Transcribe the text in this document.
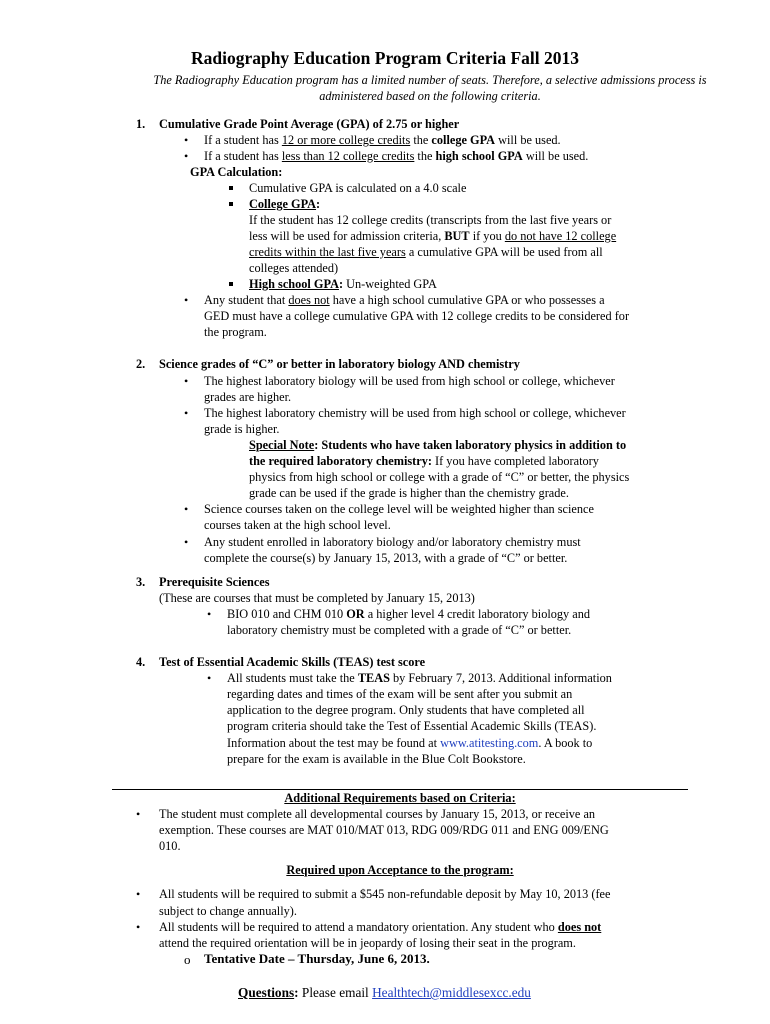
Radiography Education Program Criteria Fall 2013
The Radiography Education program has a limited number of seats. Therefore, a selective admissions process is administered based on the following criteria.
1. Cumulative Grade Point Average (GPA) of 2.75 or higher
• If a student has 12 or more college credits the college GPA will be used.
• If a student has less than 12 college credits the high school GPA will be used.
GPA Calculation:
Cumulative GPA is calculated on a 4.0 scale
College GPA:
If the student has 12 college credits (transcripts from the last five years or
less will be used for admission criteria, BUT if you do not have 12 college
credits within the last five years a cumulative GPA will be used from all
colleges attended)
High school GPA: Un-weighted GPA
• Any student that does not have a high school cumulative GPA or who possesses a
GED must have a college cumulative GPA with 12 college credits to be considered for
the program.
2. Science grades of “C” or better in laboratory biology AND chemistry
• The highest laboratory biology will be used from high school or college, whichever
grades are higher.
• The highest laboratory chemistry will be used from high school or college, whichever
grade is higher.
Special Note: Students who have taken laboratory physics in addition to
the required laboratory chemistry: If you have completed laboratory
physics from high school or college with a grade of “C” or better, the physics
grade can be used if the grade is higher than the chemistry grade.
• Science courses taken on the college level will be weighted higher than science
courses taken at the high school level.
• Any student enrolled in laboratory biology and/or laboratory chemistry must
complete the course(s) by January 15, 2013, with a grade of “C” or better.
3. Prerequisite Sciences
(These are courses that must be completed by January 15, 2013)
• BIO 010 and CHM 010 OR a higher level 4 credit laboratory biology and
laboratory chemistry must be completed with a grade of “C” or better.
4. Test of Essential Academic Skills (TEAS) test score
• All students must take the TEAS by February 7, 2013. Additional information
regarding dates and times of the exam will be sent after you submit an
application to the degree program. Only students that have completed all
program criteria should take the Test of Essential Academic Skills (TEAS).
Information about the test may be found at www.atitesting.com. A book to
prepare for the exam is available in the Blue Colt Bookstore.
Additional Requirements based on Criteria:
• The student must complete all developmental courses by January 15, 2013, or receive an
exemption. These courses are MAT 010/MAT 013, RDG 009/RDG 011 and ENG 009/ENG
010.
Required upon Acceptance to the program:
• All students will be required to submit a $545 non-refundable deposit by May 10, 2013 (fee
subject to change annually).
• All students will be required to attend a mandatory orientation. Any student who does not
attend the required orientation will be in jeopardy of losing their seat in the program.
o Tentative Date – Thursday, June 6, 2013.
Questions: Please email Healthtech@middlesexcc.edu
